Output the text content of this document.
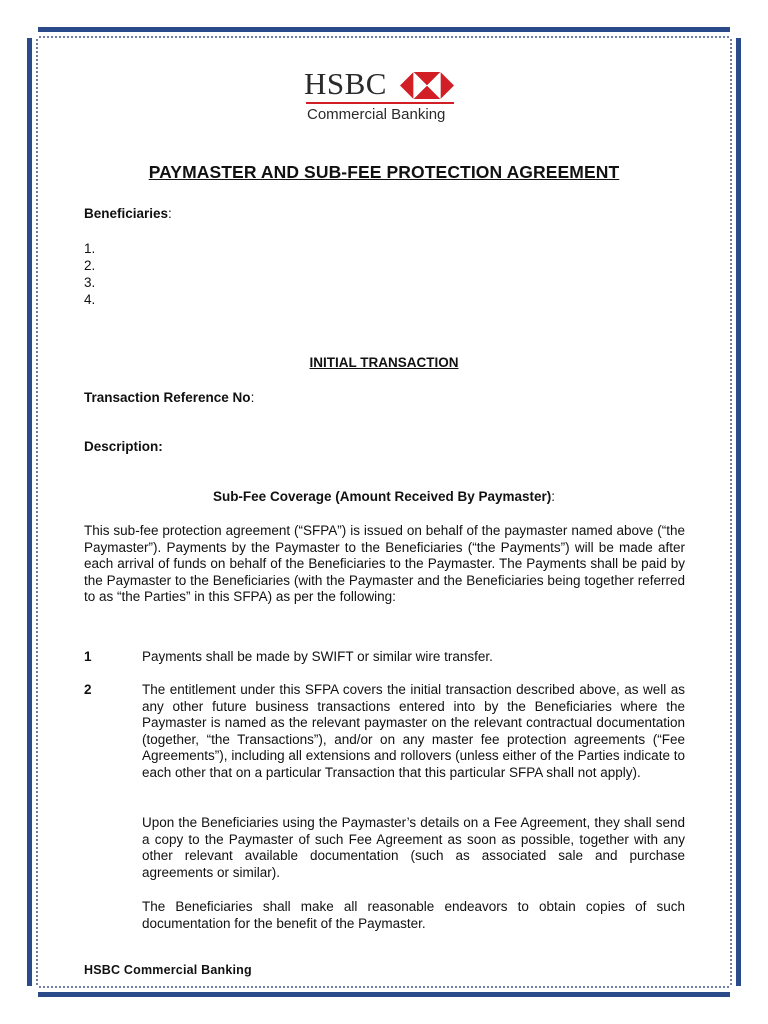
HSBC
Commercial Banking
PAYMASTER AND SUB-FEE PROTECTION AGREEMENT
Beneficiaries:
1.
2.
3.
4.
INITIAL TRANSACTION
Transaction Reference No:
Description:
Sub-Fee Coverage (Amount Received By Paymaster):
This sub-fee protection agreement (“SFPA”) is issued on behalf of the paymaster named above (“the Paymaster”). Payments by the Paymaster to the Beneficiaries (“the Payments”) will be made after each arrival of funds on behalf of the Beneficiaries to the Paymaster. The Payments shall be paid by the Paymaster to the Beneficiaries (with the Paymaster and the Beneficiaries being together referred to as “the Parties” in this SFPA) as per the following:
1	Payments shall be made by SWIFT or similar wire transfer.
2	The entitlement under this SFPA covers the initial transaction described above, as well as any other future business transactions entered into by the Beneficiaries where the Paymaster is named as the relevant paymaster on the relevant contractual documentation (together, “the Transactions”), and/or on any master fee protection agreements (“Fee Agreements”), including all extensions and rollovers (unless either of the Parties indicate to each other that on a particular Transaction that this particular SFPA shall not apply).
Upon the Beneficiaries using the Paymaster’s details on a Fee Agreement, they shall send a copy to the Paymaster of such Fee Agreement as soon as possible, together with any other relevant available documentation (such as associated sale and purchase agreements or similar).
The Beneficiaries shall make all reasonable endeavors to obtain copies of such documentation for the benefit of the Paymaster.
HSBC Commercial Banking
